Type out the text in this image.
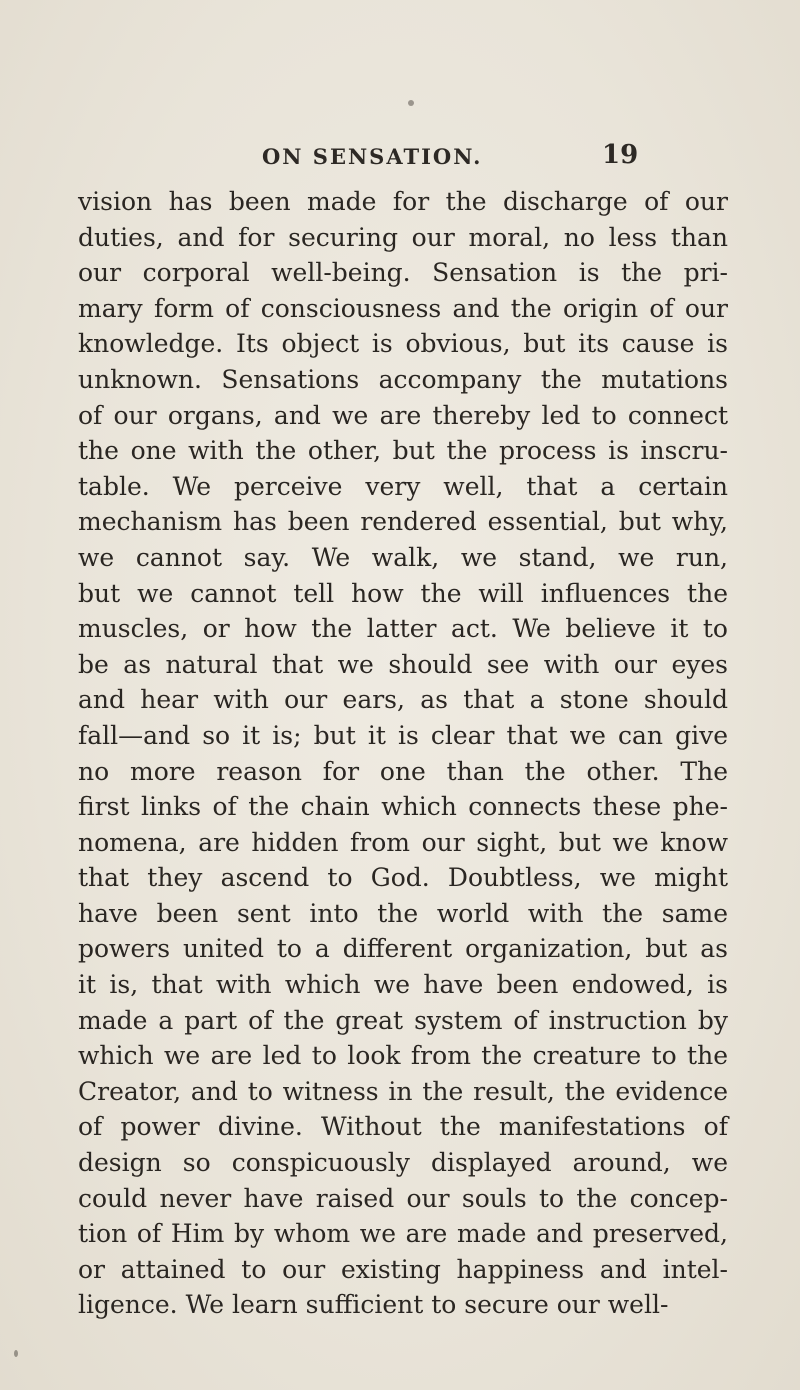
ON SENSATION.	19
vision has been made for the discharge of our
duties, and for securing our moral, no less than
our corporal well-being. Sensation is the pri-
mary form of consciousness and the origin of our
knowledge. Its object is obvious, but its cause is
unknown. Sensations accompany the mutations
of our organs, and we are thereby led to connect
the one with the other, but the process is inscru-
table. We perceive very well, that a certain
mechanism has been rendered essential, but why,
we cannot say. We walk, we stand, we run,
but we cannot tell how the will influences the
muscles, or how the latter act. We believe it to
be as natural that we should see with our eyes
and hear with our ears, as that a stone should
fall—and so it is; but it is clear that we can give
no more reason for one than the other. The
first links of the chain which connects these phe-
nomena, are hidden from our sight, but we know
that they ascend to God. Doubtless, we might
have been sent into the world with the same
powers united to a different organization, but as
it is, that with which we have been endowed, is
made a part of the great system of instruction by
which we are led to look from the creature to the
Creator, and to witness in the result, the evidence
of power divine. Without the manifestations of
design so conspicuously displayed around, we
could never have raised our souls to the concep-
tion of Him by whom we are made and preserved,
or attained to our existing happiness and intel-
ligence. We learn sufficient to secure our well-
